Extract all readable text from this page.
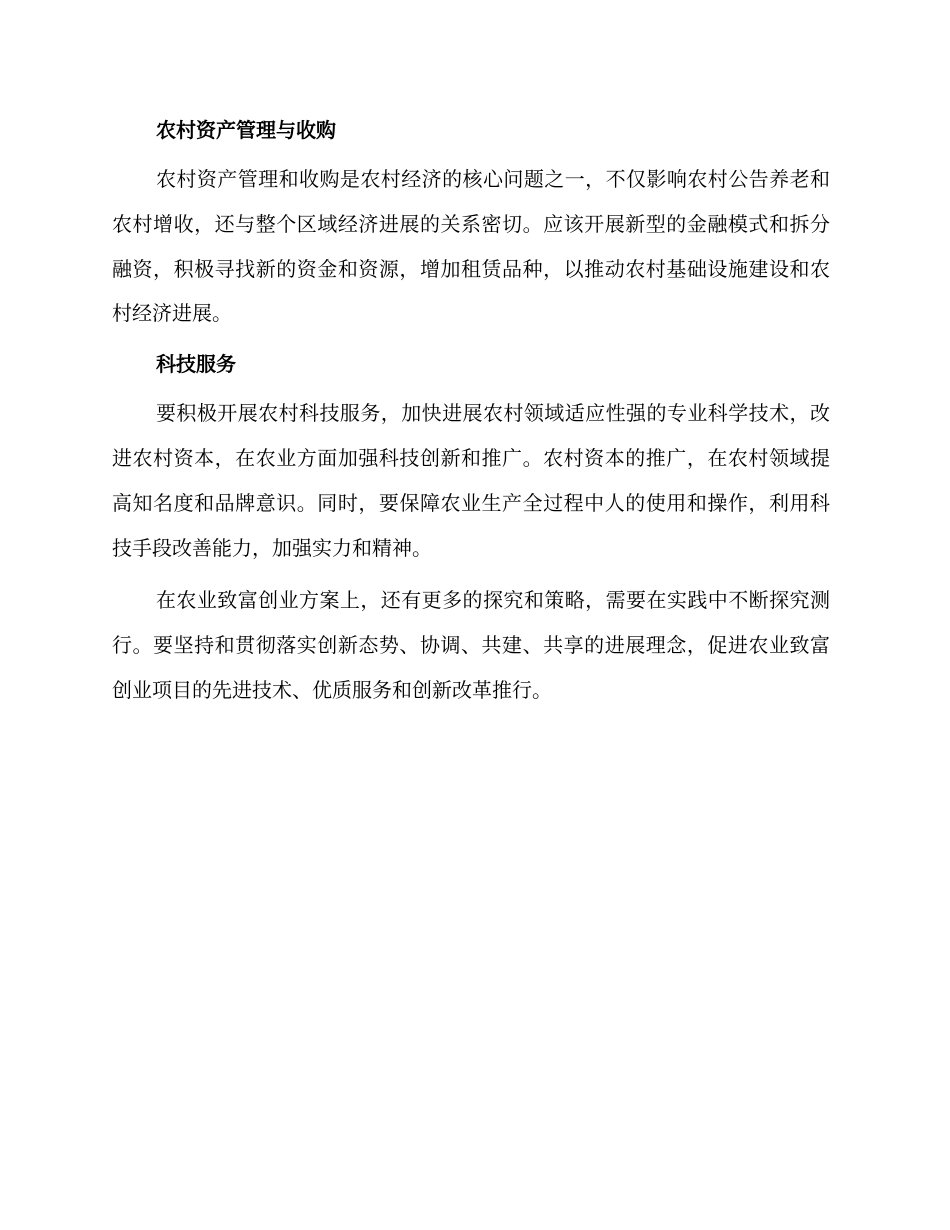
农村资产管理与收购

农村资产管理和收购是农村经济的核心问题之一，不仅影响农村公告养老和农村增收，还与整个区域经济进展的关系密切。应该开展新型的金融模式和拆分融资，积极寻找新的资金和资源，增加租赁品种，以推动农村基础设施建设和农村经济进展。

科技服务

要积极开展农村科技服务，加快进展农村领域适应性强的专业科学技术，改进农村资本，在农业方面加强科技创新和推广。农村资本的推广，在农村领域提高知名度和品牌意识。同时，要保障农业生产全过程中人的使用和操作，利用科技手段改善能力，加强实力和精神。

在农业致富创业方案上，还有更多的探究和策略，需要在实践中不断探究测行。要坚持和贯彻落实创新态势、协调、共建、共享的进展理念，促进农业致富创业项目的先进技术、优质服务和创新改革推行。
